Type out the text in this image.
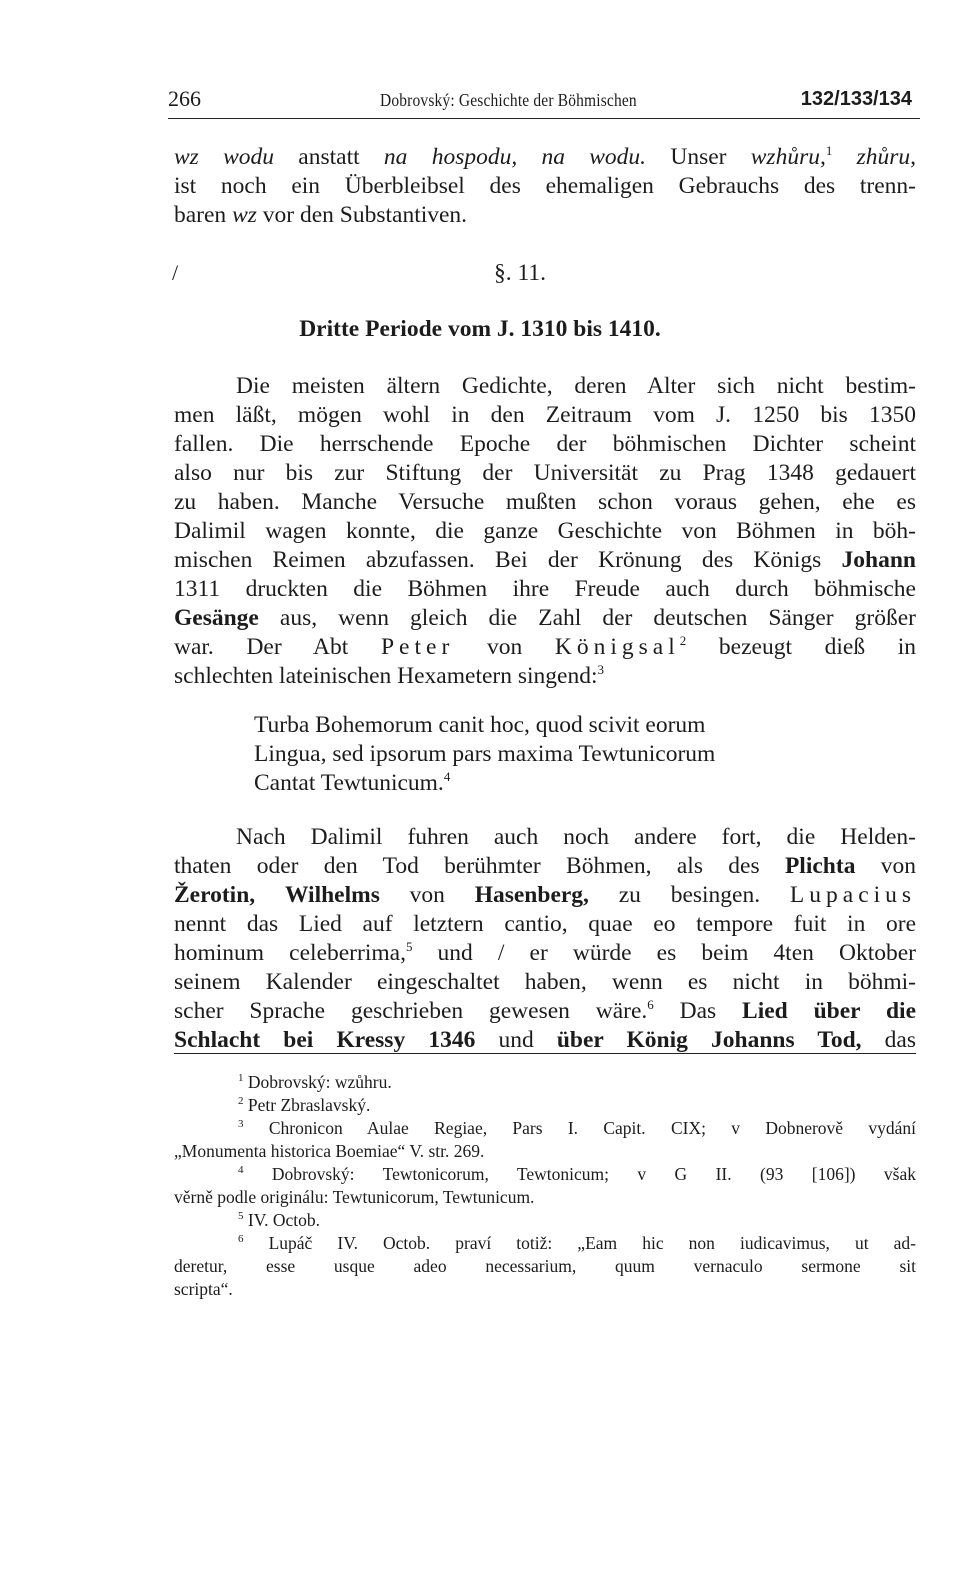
266	Dobrovský: Geschichte der Böhmischen	132/133/134
wz wodu anstatt na hospodu, na wodu. Unser wzhůru,$^1$ zhůru,
ist noch ein Überbleibsel des ehemaligen Gebrauchs des trenn-
baren wz vor den Substantiven.
/	§. 11.
Dritte Periode vom J. 1310 bis 1410.
Die meisten ältern Gedichte, deren Alter sich nicht bestim-
men läßt, mögen wohl in den Zeitraum vom J. 1250 bis 1350
fallen. Die herrschende Epoche der böhmischen Dichter scheint
also nur bis zur Stiftung der Universität zu Prag 1348 gedauert
zu haben. Manche Versuche mußten schon voraus gehen, ehe es
Dalimil wagen konnte, die ganze Geschichte von Böhmen in böh-
mischen Reimen abzufassen. Bei der Krönung des Königs Johann
1311 druckten die Böhmen ihre Freude auch durch böhmische
Gesänge aus, wenn gleich die Zahl der deutschen Sänger größer
war. Der Abt Peter von Königsal$^2$ bezeugt dieß in
schlechten lateinischen Hexametern singend:$^3$
Turba Bohemorum canit hoc, quod scivit eorum
Lingua, sed ipsorum pars maxima Tewtunicorum
Cantat Tewtunicum.$^4$
Nach Dalimil fuhren auch noch andere fort, die Helden-
thaten oder den Tod berühmter Böhmen, als des Plichta von
Žerotin, Wilhelms von Hasenberg, zu besingen. Lupacius
nennt das Lied auf letztern cantio, quae eo tempore fuit in ore
hominum celeberrima,$^5$ und / er würde es beim 4ten Oktober
seinem Kalender eingeschaltet haben, wenn es nicht in böhmi-
scher Sprache geschrieben gewesen wäre.$^6$ Das Lied über die
Schlacht bei Kressy 1346 und über König Johanns Tod, das
$^1$ Dobrovský: wzůhru.
$^2$ Petr Zbraslavský.
$^3$ Chronicon Aulae Regiae, Pars I. Capit. CIX; v Dobnerově vydání
„Monumenta historica Boemiae“ V. str. 269.
$^4$ Dobrovský: Tewtonicorum, Tewtonicum; v G II. (93 [106]) však
věrně podle originálu: Tewtunicorum, Tewtunicum.
$^5$ IV. Octob.
$^6$ Lupáč IV. Octob. praví totiž: „Eam hic non iudicavimus, ut ad-
deretur, esse usque adeo necessarium, quum vernaculo sermone sit
scripta“.
